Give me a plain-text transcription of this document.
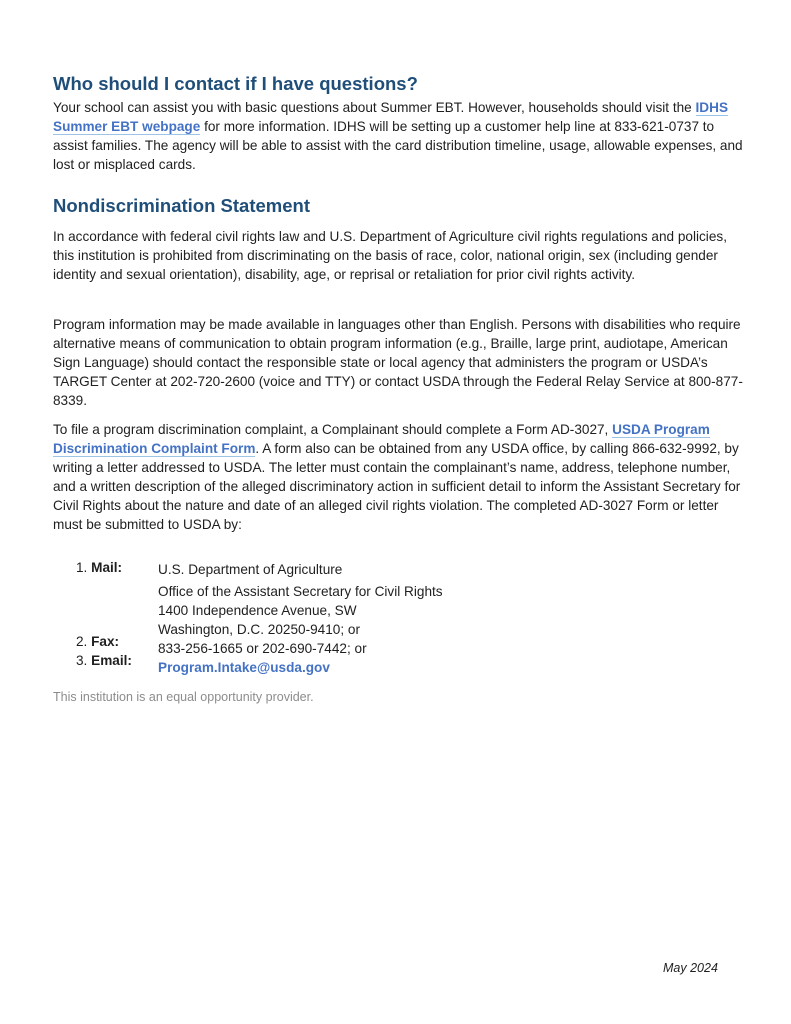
Who should I contact if I have questions?

Your school can assist you with basic questions about Summer EBT. However, households should visit the IDHS Summer EBT webpage for more information. IDHS will be setting up a customer help line at 833-621-0737 to assist families. The agency will be able to assist with the card distribution timeline, usage, allowable expenses, and lost or misplaced cards.

Nondiscrimination Statement

In accordance with federal civil rights law and U.S. Department of Agriculture civil rights regulations and policies, this institution is prohibited from discriminating on the basis of race, color, national origin, sex (including gender identity and sexual orientation), disability, age, or reprisal or retaliation for prior civil rights activity.

Program information may be made available in languages other than English. Persons with disabilities who require alternative means of communication to obtain program information (e.g., Braille, large print, audiotape, American Sign Language) should contact the responsible state or local agency that administers the program or USDA’s TARGET Center at 202-720-2600 (voice and TTY) or contact USDA through the Federal Relay Service at 800-877-8339.

To file a program discrimination complaint, a Complainant should complete a Form AD-3027, USDA Program Discrimination Complaint Form. A form also can be obtained from any USDA office, by calling 866-632-9992, by writing a letter addressed to USDA. The letter must contain the complainant’s name, address, telephone number, and a written description of the alleged discriminatory action in sufficient detail to inform the Assistant Secretary for Civil Rights about the nature and date of an alleged civil rights violation. The completed AD-3027 Form or letter must be submitted to USDA by:

1. Mail:
2. Fax:
3. Email:
U.S. Department of Agriculture
Office of the Assistant Secretary for Civil Rights
1400 Independence Avenue, SW
Washington, D.C. 20250-9410; or
833-256-1665 or 202-690-7442; or
Program.Intake@usda.gov
This institution is an equal opportunity provider.
May 2024
